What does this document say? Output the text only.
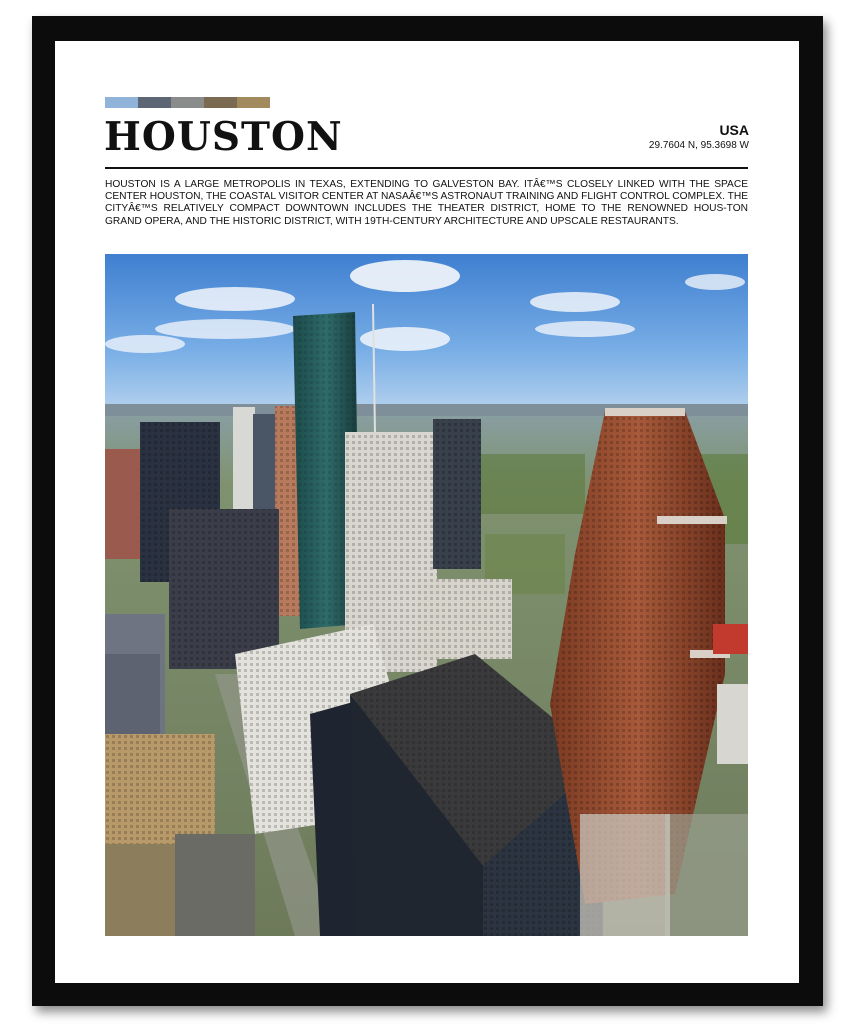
HOUSTON	USA
29.7604 N, 95.3698 W

HOUSTON IS A LARGE METROPOLIS IN TEXAS, EXTENDING TO GALVESTON BAY. ITÂ€™S CLOSELY LINKED WITH THE SPACE CENTER HOUSTON, THE COASTAL VISITOR CENTER AT NASAÂ€™S ASTRONAUT TRAINING AND FLIGHT CONTROL COMPLEX. THE CITYÂ€™S RELATIVELY COMPACT DOWNTOWN INCLUDES THE THEATER DISTRICT, HOME TO THE RENOWNED HOUS-TON GRAND OPERA, AND THE HISTORIC DISTRICT, WITH 19TH-CENTURY ARCHITECTURE AND UPSCALE RESTAURANTS.
